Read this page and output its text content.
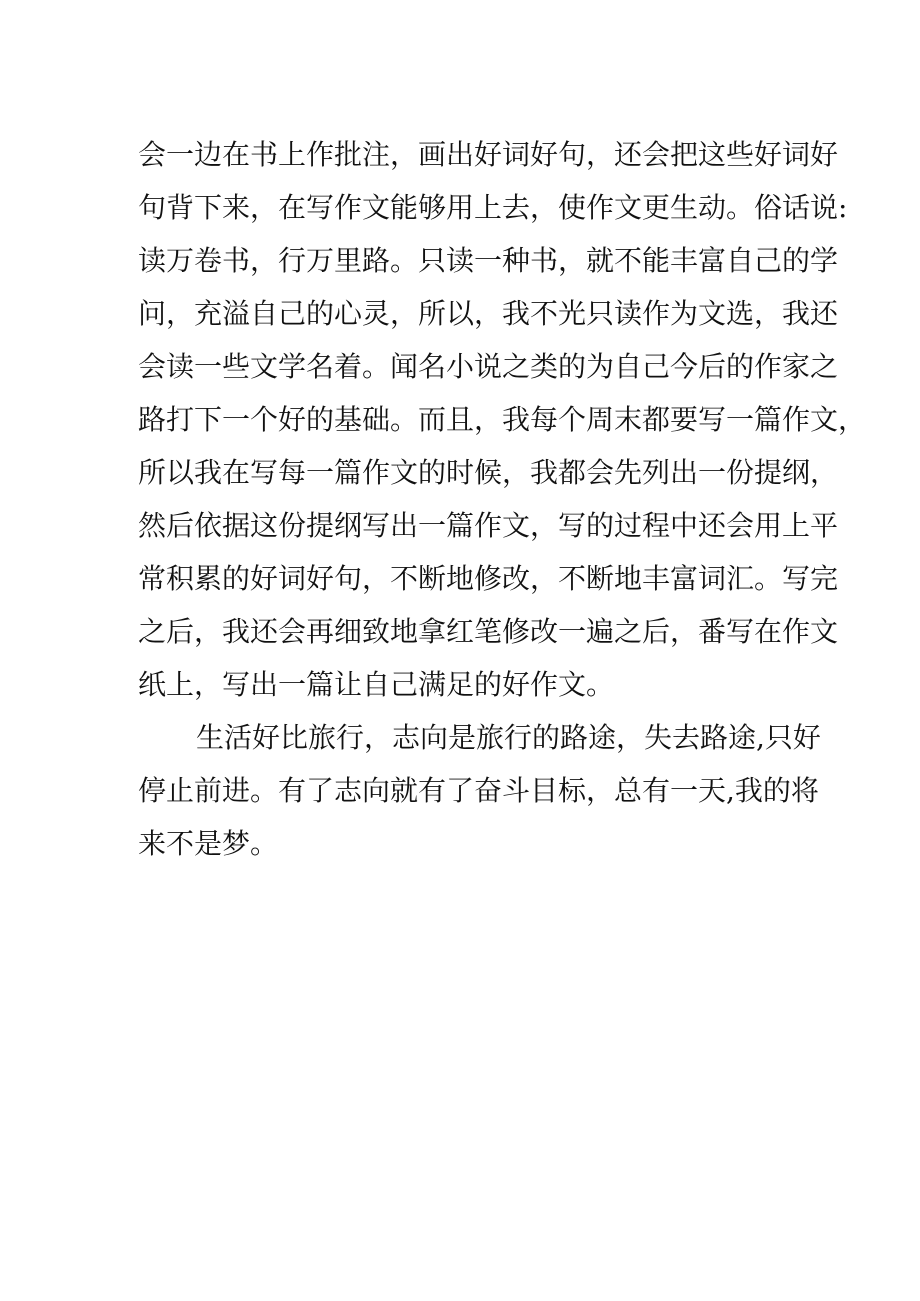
会一边在书上作批注，画出好词好句，还会把这些好词好
句背下来，在写作文能够用上去，使作文更生动。俗话说:
读万卷书，行万里路。只读一种书，就不能丰富自己的学
问，充溢自己的心灵，所以，我不光只读作为文选，我还
会读一些文学名着。闻名小说之类的为自己今后的作家之
路打下一个好的基础。而且，我每个周末都要写一篇作文，
所以我在写每一篇作文的时候，我都会先列出一份提纲，
然后依据这份提纲写出一篇作文，写的过程中还会用上平
常积累的好词好句，不断地修改，不断地丰富词汇。写完
之后，我还会再细致地拿红笔修改一遍之后，番写在作文
纸上，写出一篇让自己满足的好作文。
生活好比旅行，志向是旅行的路途，失去路途,只好
停止前进。有了志向就有了奋斗目标，总有一天,我的将
来不是梦。
